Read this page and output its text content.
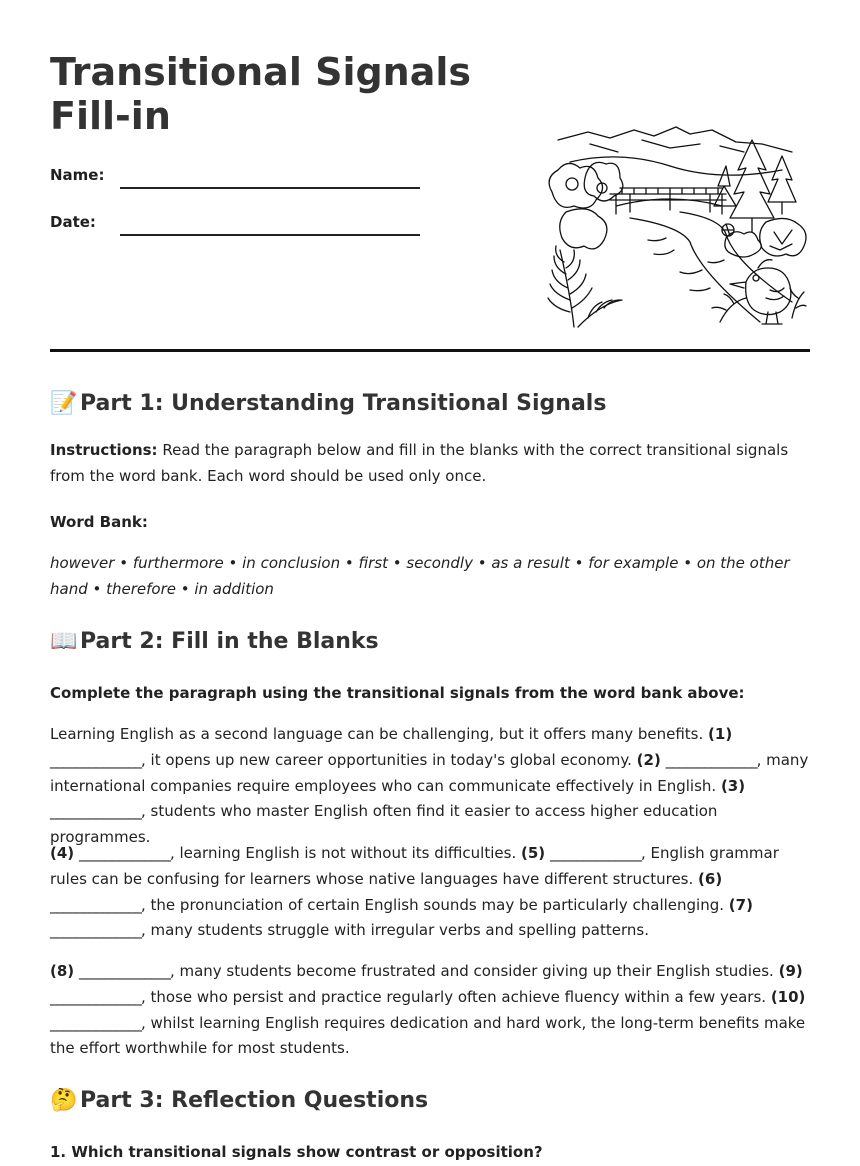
Transitional Signals Fill-in
Name:
Date:
📝 Part 1: Understanding Transitional Signals

Instructions: Read the paragraph below and fill in the blanks with the correct transitional signals from the word bank. Each word should be used only once.

Word Bank:

however • furthermore • in conclusion • first • secondly • as a result • for example • on the other hand • therefore • in addition

📖 Part 2: Fill in the Blanks

Complete the paragraph using the transitional signals from the word bank above:

Learning English as a second language can be challenging, but it offers many benefits. (1) ______________, it opens up new career opportunities in today's global economy. (2) ______________, many international companies require employees who can communicate effectively in English. (3) ______________, students who master English often find it easier to access higher education programmes.

(4) ______________, learning English is not without its difficulties. (5) ______________, English grammar rules can be confusing for learners whose native languages have different structures. (6) ______________, the pronunciation of certain English sounds may be particularly challenging. (7) ______________, many students struggle with irregular verbs and spelling patterns.

(8) ______________, many students become frustrated and consider giving up their English studies. (9) ______________, those who persist and practice regularly often achieve fluency within a few years. (10) ______________, whilst learning English requires dedication and hard work, the long-term benefits make the effort worthwhile for most students.

🤔 Part 3: Reflection Questions

1. Which transitional signals show contrast or opposition?
